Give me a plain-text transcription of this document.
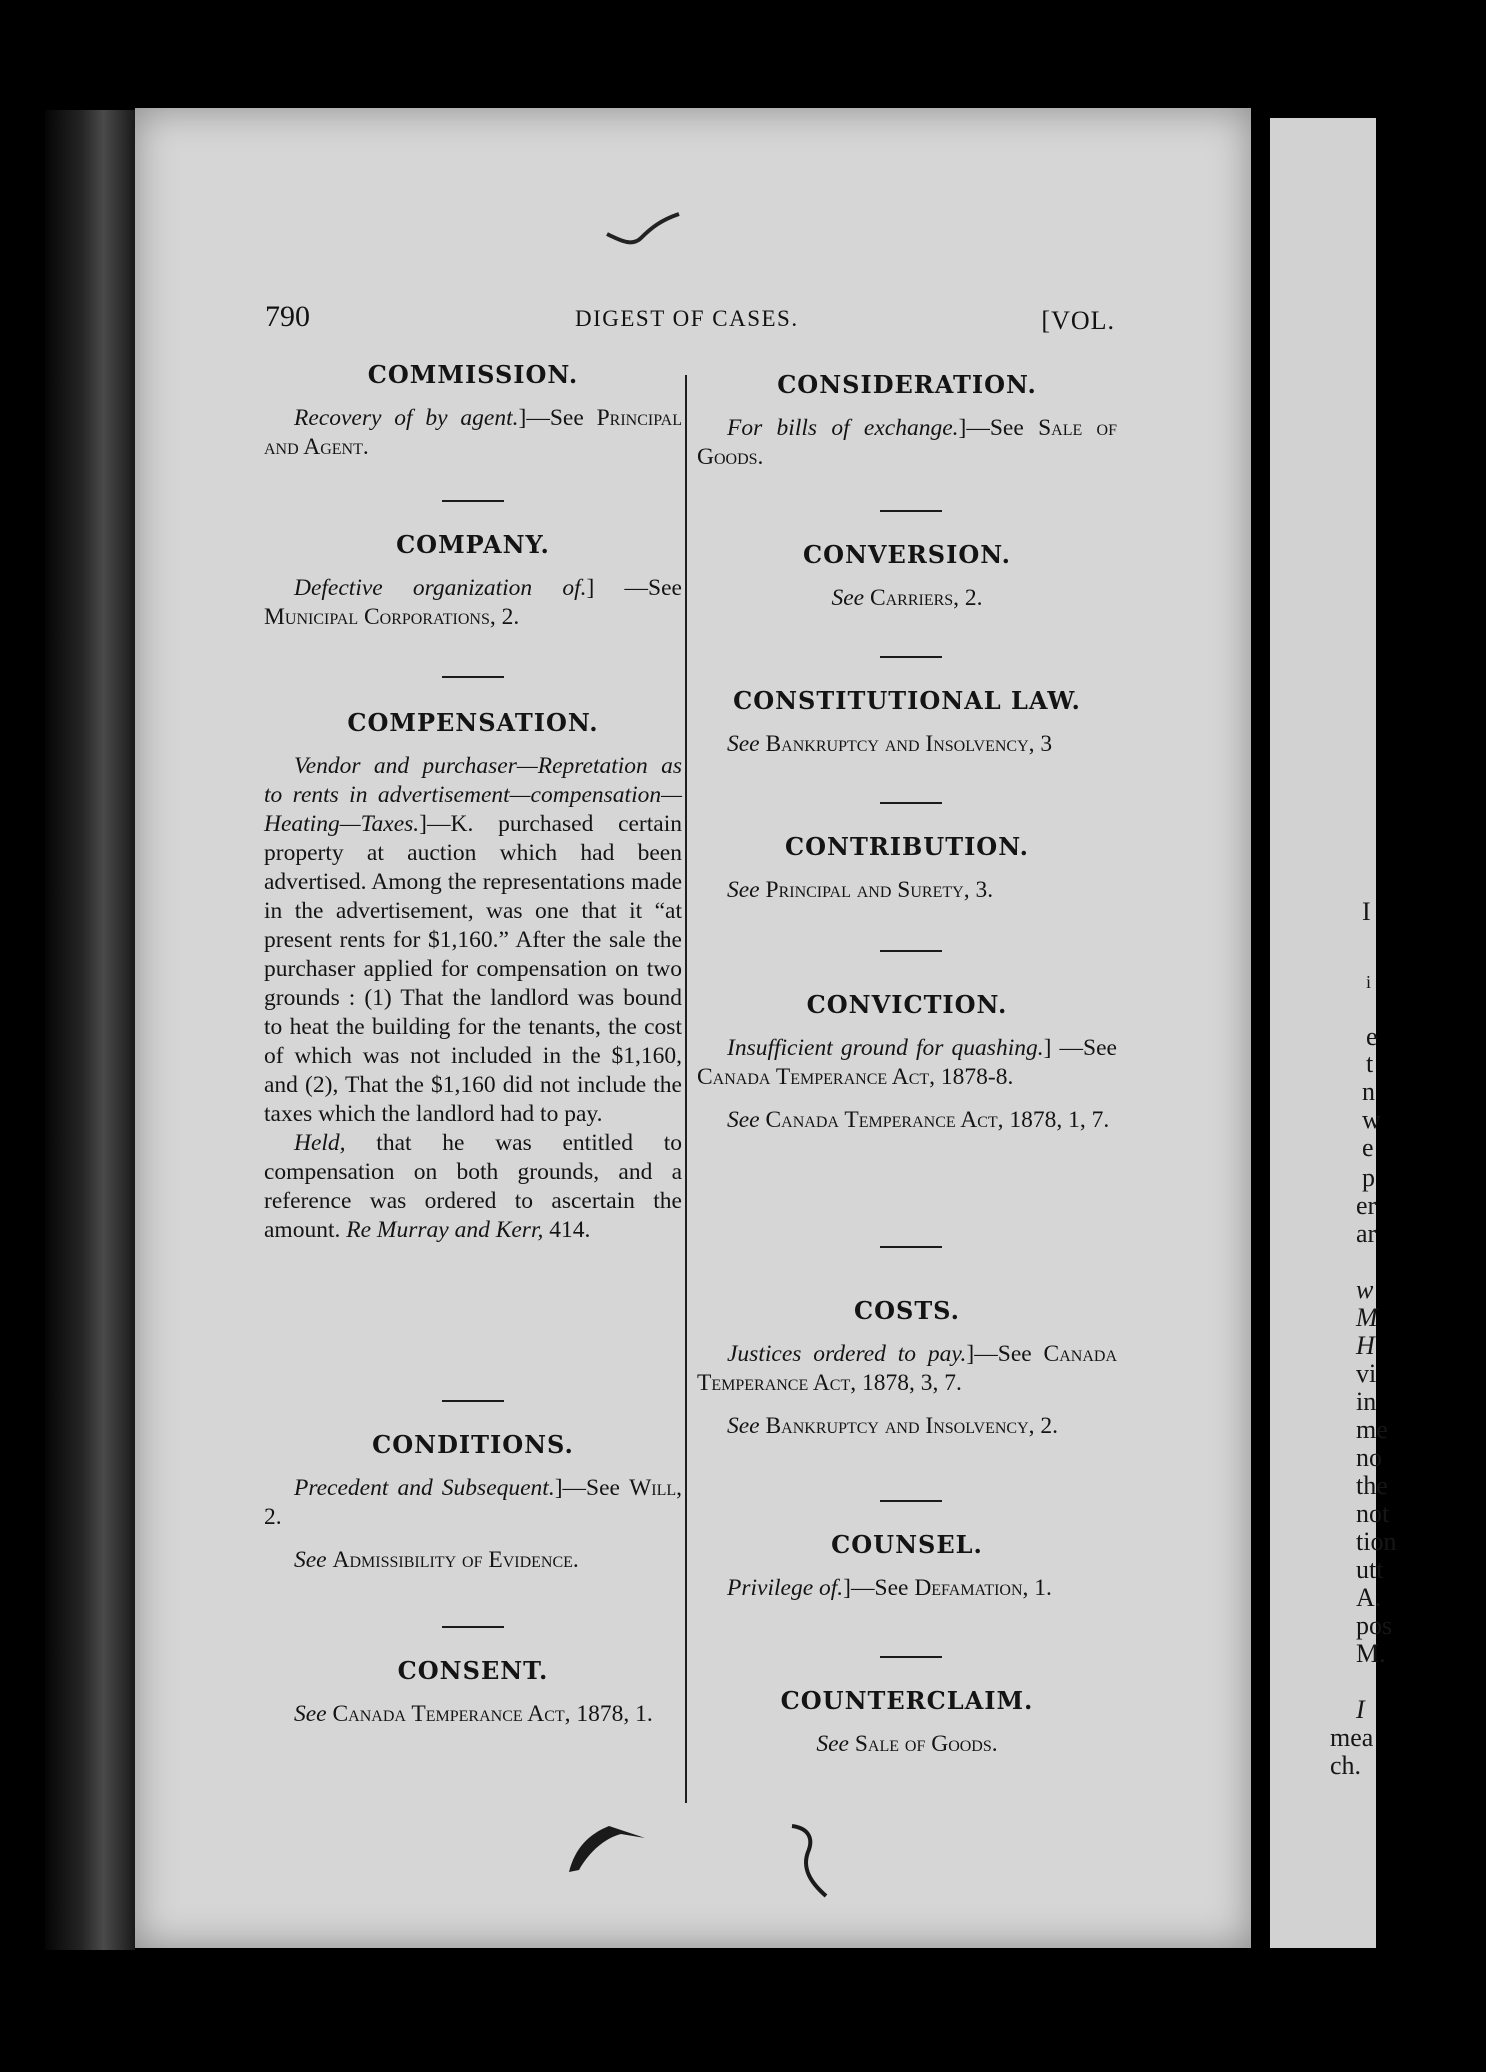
I
i
e
t
n
w
e
p
er
ar
w
M
H
vi
in
me
no
the
not
tion
utt
A.
pos
M.
I
mea
ch.
790	DIGEST OF CASES.	[VOL.
COMMISSION.

Recovery of by agent.]—See Principal and Agent.

COMPANY.

Defective organization of.] —See Municipal Corporations, 2.

COMPENSATION.

Vendor and purchaser—Repretation as to rents in advertisement—compensation—Heating—Taxes.]—K. purchased certain property at auction which had been advertised. Among the representations made in the advertisement, was one that it “at present rents for $1,160.” After the sale the purchaser applied for compensation on two grounds : (1) That the landlord was bound to heat the building for the tenants, the cost of which was not included in the $1,160, and (2), That the $1,160 did not include the taxes which the landlord had to pay.

Held, that he was entitled to compensation on both grounds, and a reference was ordered to ascertain the amount. Re Murray and Kerr, 414.

CONDITIONS.

Precedent and Subsequent.]—See Will, 2.

See Admissibility of Evidence.

CONSENT.

See Canada Temperance Act, 1878, 1.

CONSIDERATION.

For bills of exchange.]—See Sale of Goods.

CONVERSION.

See Carriers, 2.

CONSTITUTIONAL LAW.

See Bankruptcy and Insolvency, 3

CONTRIBUTION.

See Principal and Surety, 3.

CONVICTION.

Insufficient ground for quashing.] —See Canada Temperance Act, 1878-8.

See Canada Temperance Act, 1878, 1, 7.

COSTS.

Justices ordered to pay.]—See Canada Temperance Act, 1878, 3, 7.

See Bankruptcy and Insolvency, 2.

COUNSEL.

Privilege of.]—See Defamation, 1.

COUNTERCLAIM.

See Sale of Goods.
